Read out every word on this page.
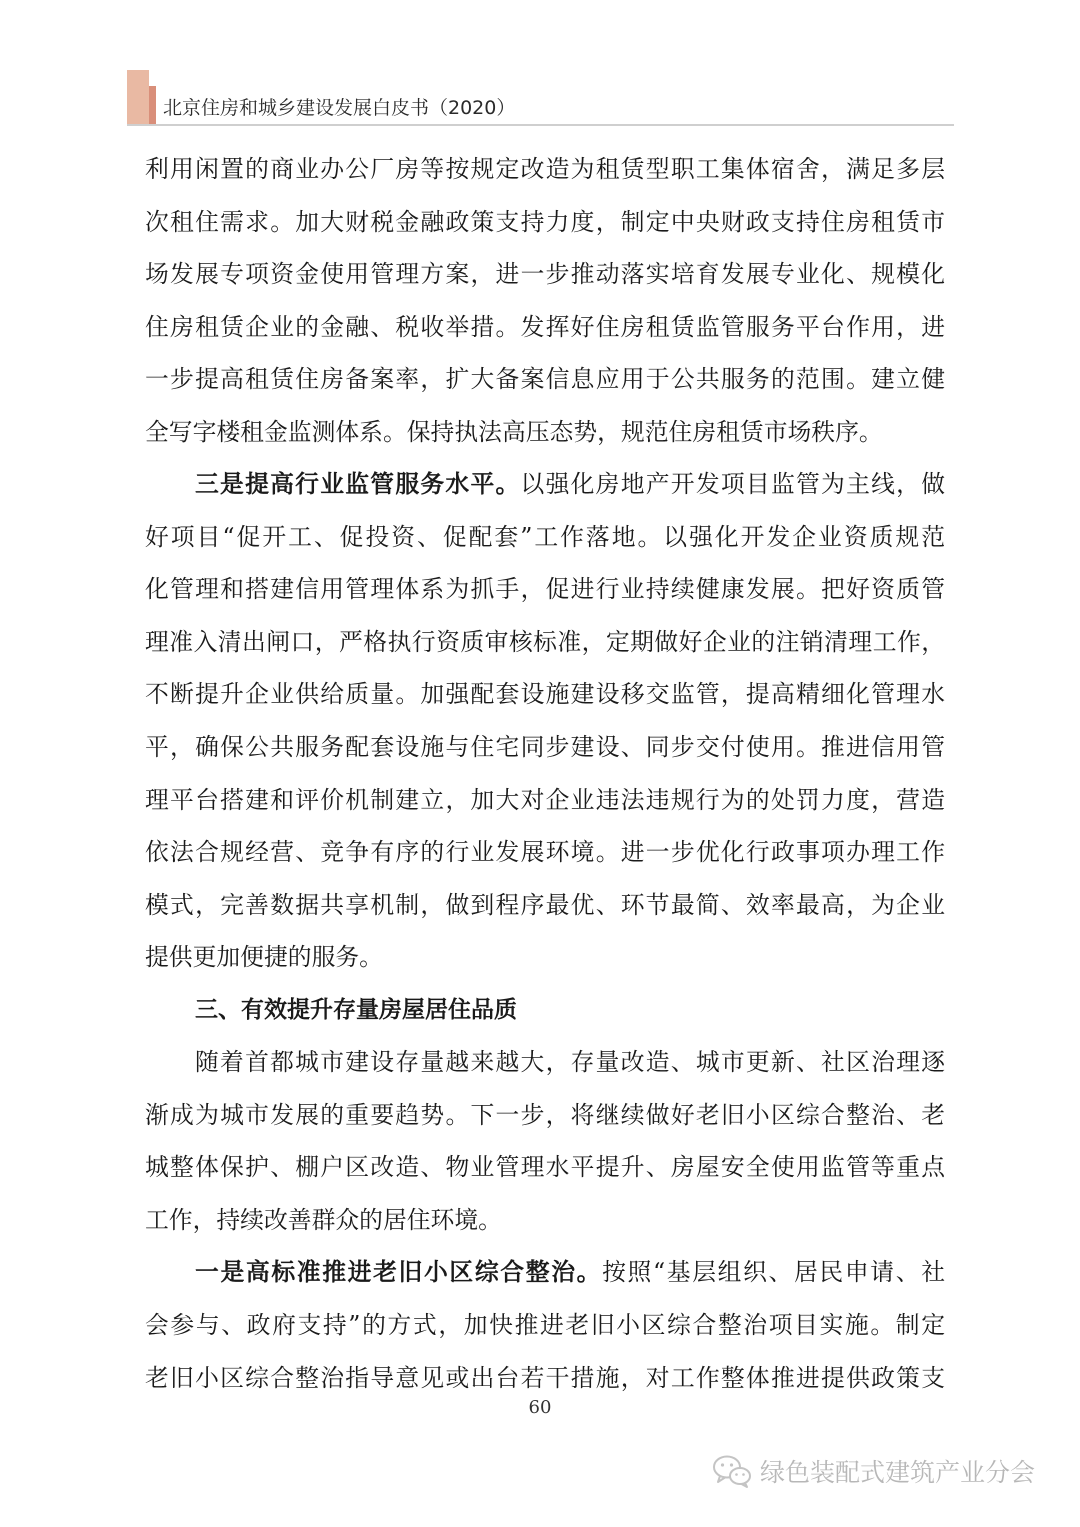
北京住房和城乡建设发展白皮书（2020）
利用闲置的商业办公厂房等按规定改造为租赁型职工集体宿舍，满足多层
次租住需求。加大财税金融政策支持力度，制定中央财政支持住房租赁市
场发展专项资金使用管理方案，进一步推动落实培育发展专业化、规模化
住房租赁企业的金融、税收举措。发挥好住房租赁监管服务平台作用，进
一步提高租赁住房备案率，扩大备案信息应用于公共服务的范围。建立健
全写字楼租金监测体系。保持执法高压态势，规范住房租赁市场秩序。
三是提高行业监管服务水平。以强化房地产开发项目监管为主线，做
好项目“促开工、促投资、促配套”工作落地。以强化开发企业资质规范
化管理和搭建信用管理体系为抓手，促进行业持续健康发展。把好资质管
理准入清出闸口，严格执行资质审核标准，定期做好企业的注销清理工作，
不断提升企业供给质量。加强配套设施建设移交监管，提高精细化管理水
平，确保公共服务配套设施与住宅同步建设、同步交付使用。推进信用管
理平台搭建和评价机制建立，加大对企业违法违规行为的处罚力度，营造
依法合规经营、竞争有序的行业发展环境。进一步优化行政事项办理工作
模式，完善数据共享机制，做到程序最优、环节最简、效率最高，为企业
提供更加便捷的服务。
三、有效提升存量房屋居住品质
随着首都城市建设存量越来越大，存量改造、城市更新、社区治理逐
渐成为城市发展的重要趋势。下一步，将继续做好老旧小区综合整治、老
城整体保护、棚户区改造、物业管理水平提升、房屋安全使用监管等重点
工作，持续改善群众的居住环境。
一是高标准推进老旧小区综合整治。按照“基层组织、居民申请、社
会参与、政府支持”的方式，加快推进老旧小区综合整治项目实施。制定
老旧小区综合整治指导意见或出台若干措施，对工作整体推进提供政策支
60
绿色装配式建筑产业分会
